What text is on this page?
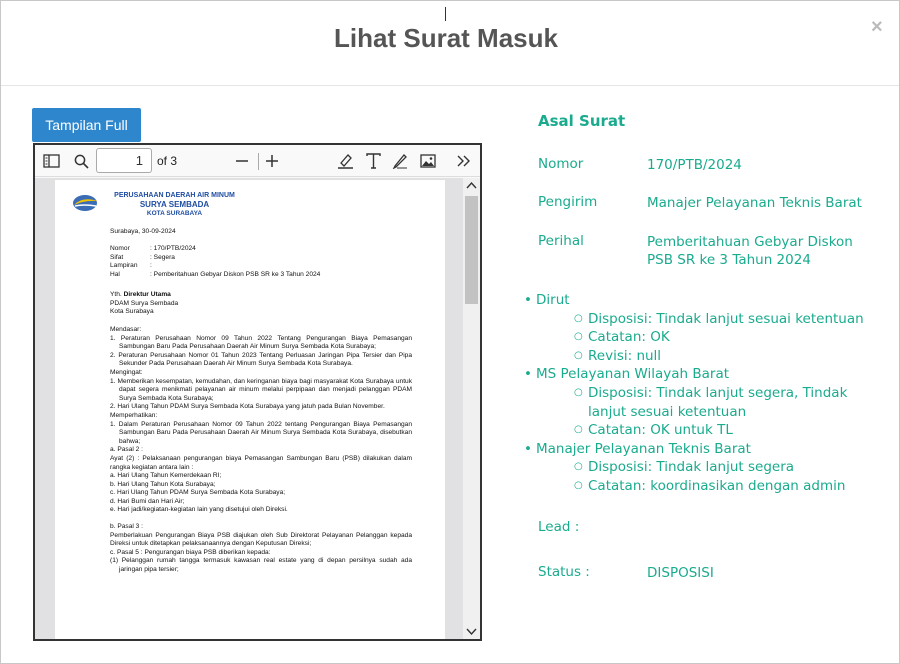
Lihat Surat Masuk	×
Tampilan Full
1
of 3
PERUSAHAAN DAERAH AIR MINUM
SURYA SEMBADA
KOTA SURABAYA
Surabaya, 30-09-2024
Nomor	: 170/PTB/2024
Sifat	: Segera
Lampiran :
Hal	: Pemberitahuan Gebyar Diskon PSB SR ke 3 Tahun 2024
Yth. Direktur Utama
PDAM Surya Sembada
Kota Surabaya
Mendasar:
1. Peraturan Perusahaan Nomor 09 Tahun 2022 Tentang Pengurangan Biaya Pemasangan Sambungan Baru Pada Perusahaan Daerah Air Minum Surya Sembada Kota Surabaya;
2. Peraturan Perusahaan Nomor 01 Tahun 2023 Tentang Perluasan Jaringan Pipa Tersier dan Pipa Sekunder Pada Perusahaan Daerah Air Minum Surya Sembada Kota Surabaya.
Mengingat:
1. Memberikan kesempatan, kemudahan, dan keringanan biaya bagi masyarakat Kota Surabaya untuk dapat segera menikmati pelayanan air minum melalui perpipaan dan menjadi pelanggan PDAM Surya Sembada Kota Surabaya;
2. Hari Ulang Tahun PDAM Surya Sembada Kota Surabaya yang jatuh pada Bulan November.
Memperhatikan:
1. Dalam Peraturan Perusahaan Nomor 09 Tahun 2022 tentang Pengurangan Biaya Pemasangan Sambungan Baru Pada Perusahaan Daerah Air Minum Surya Sembada Kota Surabaya, disebutkan bahwa;
a. Pasal 2 :
Ayat (2) : Pelaksanaan pengurangan biaya Pemasangan Sambungan Baru (PSB) dilakukan dalam rangka kegiatan antara lain :
a. Hari Ulang Tahun Kemerdekaan RI;
b. Hari Ulang Tahun Kota Surabaya;
c. Hari Ulang Tahun PDAM Surya Sembada Kota Surabaya;
d. Hari Bumi dan Hari Air;
e. Hari jadi/kegiatan-kegiatan lain yang disetujui oleh Direksi.
b. Pasal 3 :
Pemberlakuan Pengurangan Biaya PSB diajukan oleh Sub Direktorat Pelayanan Pelanggan kepada Direksi untuk ditetapkan pelaksanaannya dengan Keputusan Direksi;
c. Pasal 5 : Pengurangan biaya PSB diberikan kepada:
(1) Pelanggan rumah tangga termasuk kawasan real estate yang di depan persilnya sudah ada jaringan pipa tersier;
Asal Surat
Nomor	170/PTB/2024
Pengirim	Manajer Pelayanan Teknis Barat
Perihal	Pemberitahuan Gebyar Diskon PSB SR ke 3 Tahun 2024
• Dirut
○ Disposisi: Tindak lanjut sesuai ketentuan
○ Catatan: OK
○ Revisi: null
• MS Pelayanan Wilayah Barat
○ Disposisi: Tindak lanjut segera, Tindak lanjut sesuai ketentuan
○ Catatan: OK untuk TL
• Manajer Pelayanan Teknis Barat
○ Disposisi: Tindak lanjut segera
○ Catatan: koordinasikan dengan admin
Lead :
Status :	DISPOSISI
